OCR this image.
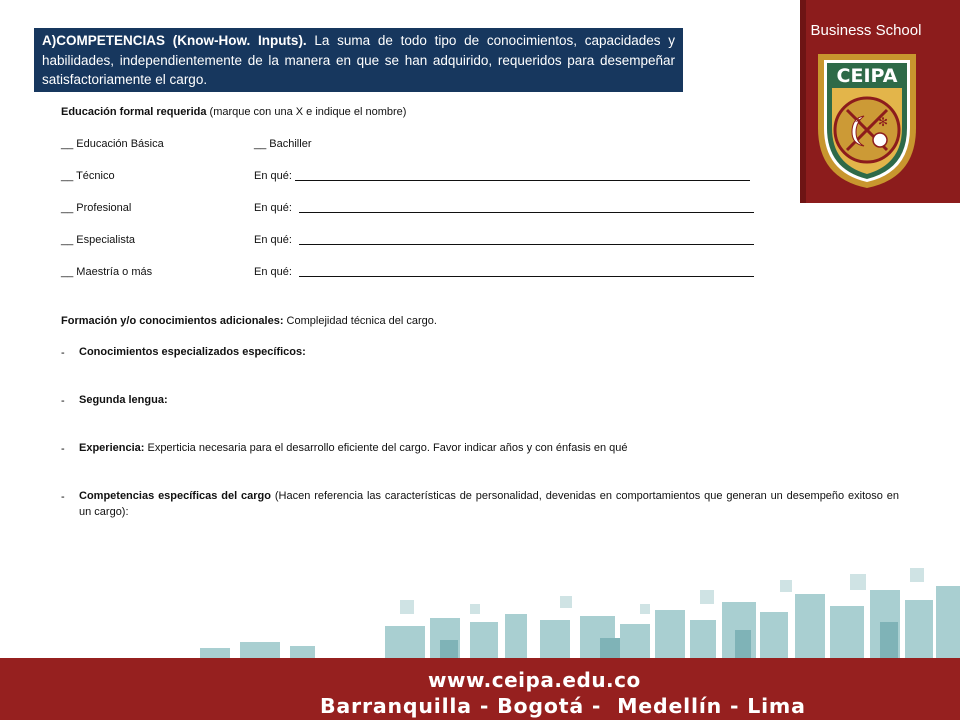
A)COMPETENCIAS (Know-How. Inputs). La suma de todo tipo de conocimientos, capacidades y habilidades, independientemente de la manera en que se han adquirido, requeridos para desempeñar satisfactoriamente el cargo.
Business School
CEIPA
✻
✶
Educación formal requerida (marque con una X e indique el nombre)
__ Educación Básica	__ Bachiller
__ Técnico	En qué:
__ Profesional	En qué:
__ Especialista	En qué:
__ Maestría o más	En qué:
Formación y/o conocimientos adicionales: Complejidad técnica del cargo.
- Conocimientos especializados específicos:
- Segunda lengua:
- Experiencia: Experticia necesaria para el desarrollo eficiente del cargo. Favor indicar años y con énfasis en qué
- Competencias específicas del cargo (Hacen referencia las características de personalidad, devenidas en comportamientos que generan un desempeño exitoso en un cargo):
www.ceipa.edu.co
Barranquilla - Bogotá -  Medellín - Lima
